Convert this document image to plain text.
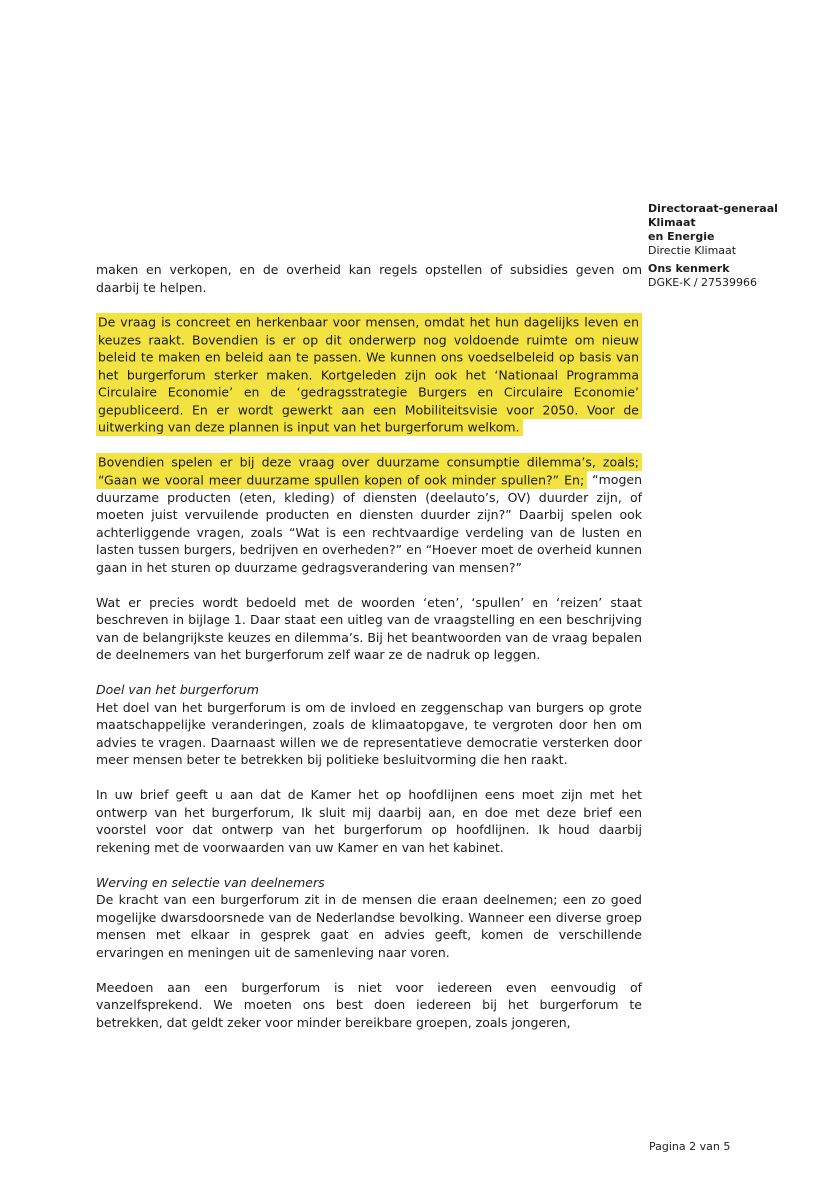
Directoraat-generaal Klimaat
en Energie
Directie Klimaat
Ons kenmerk
DGKE-K / 27539966

maken en verkopen, en de overheid kan regels opstellen of subsidies geven om daarbij te helpen.

De vraag is concreet en herkenbaar voor mensen, omdat het hun dagelijks leven en keuzes raakt. Bovendien is er op dit onderwerp nog voldoende ruimte om nieuw beleid te maken en beleid aan te passen. We kunnen ons voedselbeleid op basis van het burgerforum sterker maken. Kortgeleden zijn ook het ‘Nationaal Programma Circulaire Economie’ en de ‘gedragsstrategie Burgers en Circulaire Economie’ gepubliceerd. En er wordt gewerkt aan een Mobiliteitsvisie voor 2050. Voor de uitwerking van deze plannen is input van het burgerforum welkom.

Bovendien spelen er bij deze vraag over duurzame consumptie dilemma’s, zoals; “Gaan we vooral meer duurzame spullen kopen of ook minder spullen?” En; “mogen duurzame producten (eten, kleding) of diensten (deelauto’s, OV) duurder zijn, of moeten juist vervuilende producten en diensten duurder zijn?” Daarbij spelen ook achterliggende vragen, zoals “Wat is een rechtvaardige verdeling van de lusten en lasten tussen burgers, bedrijven en overheden?” en “Hoever moet de overheid kunnen gaan in het sturen op duurzame gedragsverandering van mensen?”

Wat er precies wordt bedoeld met de woorden ‘eten’, ‘spullen’ en ‘reizen’ staat beschreven in bijlage 1. Daar staat een uitleg van de vraagstelling en een beschrijving van de belangrijkste keuzes en dilemma’s. Bij het beantwoorden van de vraag bepalen de deelnemers van het burgerforum zelf waar ze de nadruk op leggen.

Doel van het burgerforum

Het doel van het burgerforum is om de invloed en zeggenschap van burgers op grote maatschappelijke veranderingen, zoals de klimaatopgave, te vergroten door hen om advies te vragen. Daarnaast willen we de representatieve democratie versterken door meer mensen beter te betrekken bij politieke besluitvorming die hen raakt.

In uw brief geeft u aan dat de Kamer het op hoofdlijnen eens moet zijn met het ontwerp van het burgerforum, Ik sluit mij daarbij aan, en doe met deze brief een voorstel voor dat ontwerp van het burgerforum op hoofdlijnen. Ik houd daarbij rekening met de voorwaarden van uw Kamer en van het kabinet.

Werving en selectie van deelnemers

De kracht van een burgerforum zit in de mensen die eraan deelnemen; een zo goed mogelijke dwarsdoorsnede van de Nederlandse bevolking. Wanneer een diverse groep mensen met elkaar in gesprek gaat en advies geeft, komen de verschillende ervaringen en meningen uit de samenleving naar voren.

Meedoen aan een burgerforum is niet voor iedereen even eenvoudig of vanzelfsprekend. We moeten ons best doen iedereen bij het burgerforum te betrekken, dat geldt zeker voor minder bereikbare groepen, zoals jongeren,

Pagina 2 van 5
